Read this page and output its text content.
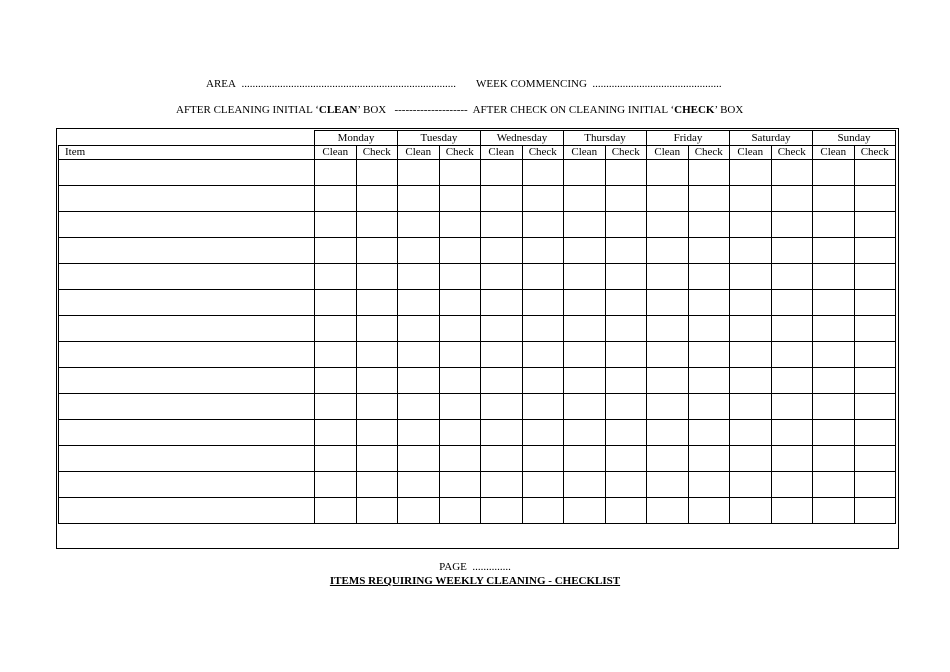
AREA .............................................................................. WEEK COMMENCING ...............................................
AFTER CLEANING INITIAL ‘CLEAN’ BOX   --------------------  AFTER CHECK ON CLEANING INITIAL ‘CHECK’ BOX
	Monday		Tuesday		Wednesday		Thursday		Friday		Saturday		Sunday	
Item	Clean	Check	Clean	Check	Clean	Check	Clean	Check	Clean	Check	Clean	Check	Clean	Check

PAGE ..............
ITEMS REQUIRING WEEKLY CLEANING - CHECKLIST
